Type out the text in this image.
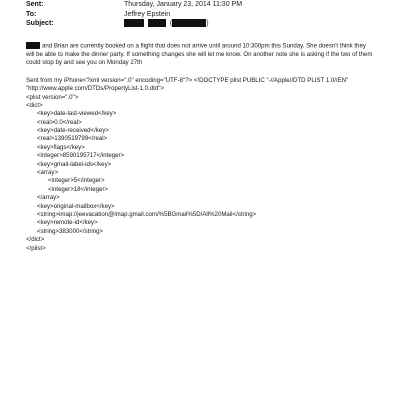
Sent:	Thursday, January 23, 2014 11:30 PM
To:	Jeffrey Epstein
Subject:	(	)

and Brian are currently booked on a flight that does not arrive until around 10:300pm this Sunday. She doesn't think they will be able to make the dinner party. If something changes she will let me know. On another note she is asking if the two of them could stop by and see you on Monday 27th

Sent from my iPhone<?xml version=".0" encoding="UTF-8"?> <!DOCTYPE plist PUBLIC "-//Apple//DTD PLIST 1.0//EN" "http://www.apple.com/DTDs/PropertyList-1.0.dtd">

<plist version=".0">
<dict>
<key>date-last-viewed</key>
<real>0.0</real>
<key>date-received</key>
<real>1390519799</real>
<key>flags</key>
<integer>8590195717</integer>
<key>gmail-label-ids</key>
<array>
<integer>5</integer>
<integer>18</integer>
</array>
<key>original-mailbox</key>
<string>imap://jeevacation@imap.gmail.com/%5BGmail%5D/All%20Mail</string>
<key>remote-id</key>
<string>383000</string>
</dict>
</plist>
